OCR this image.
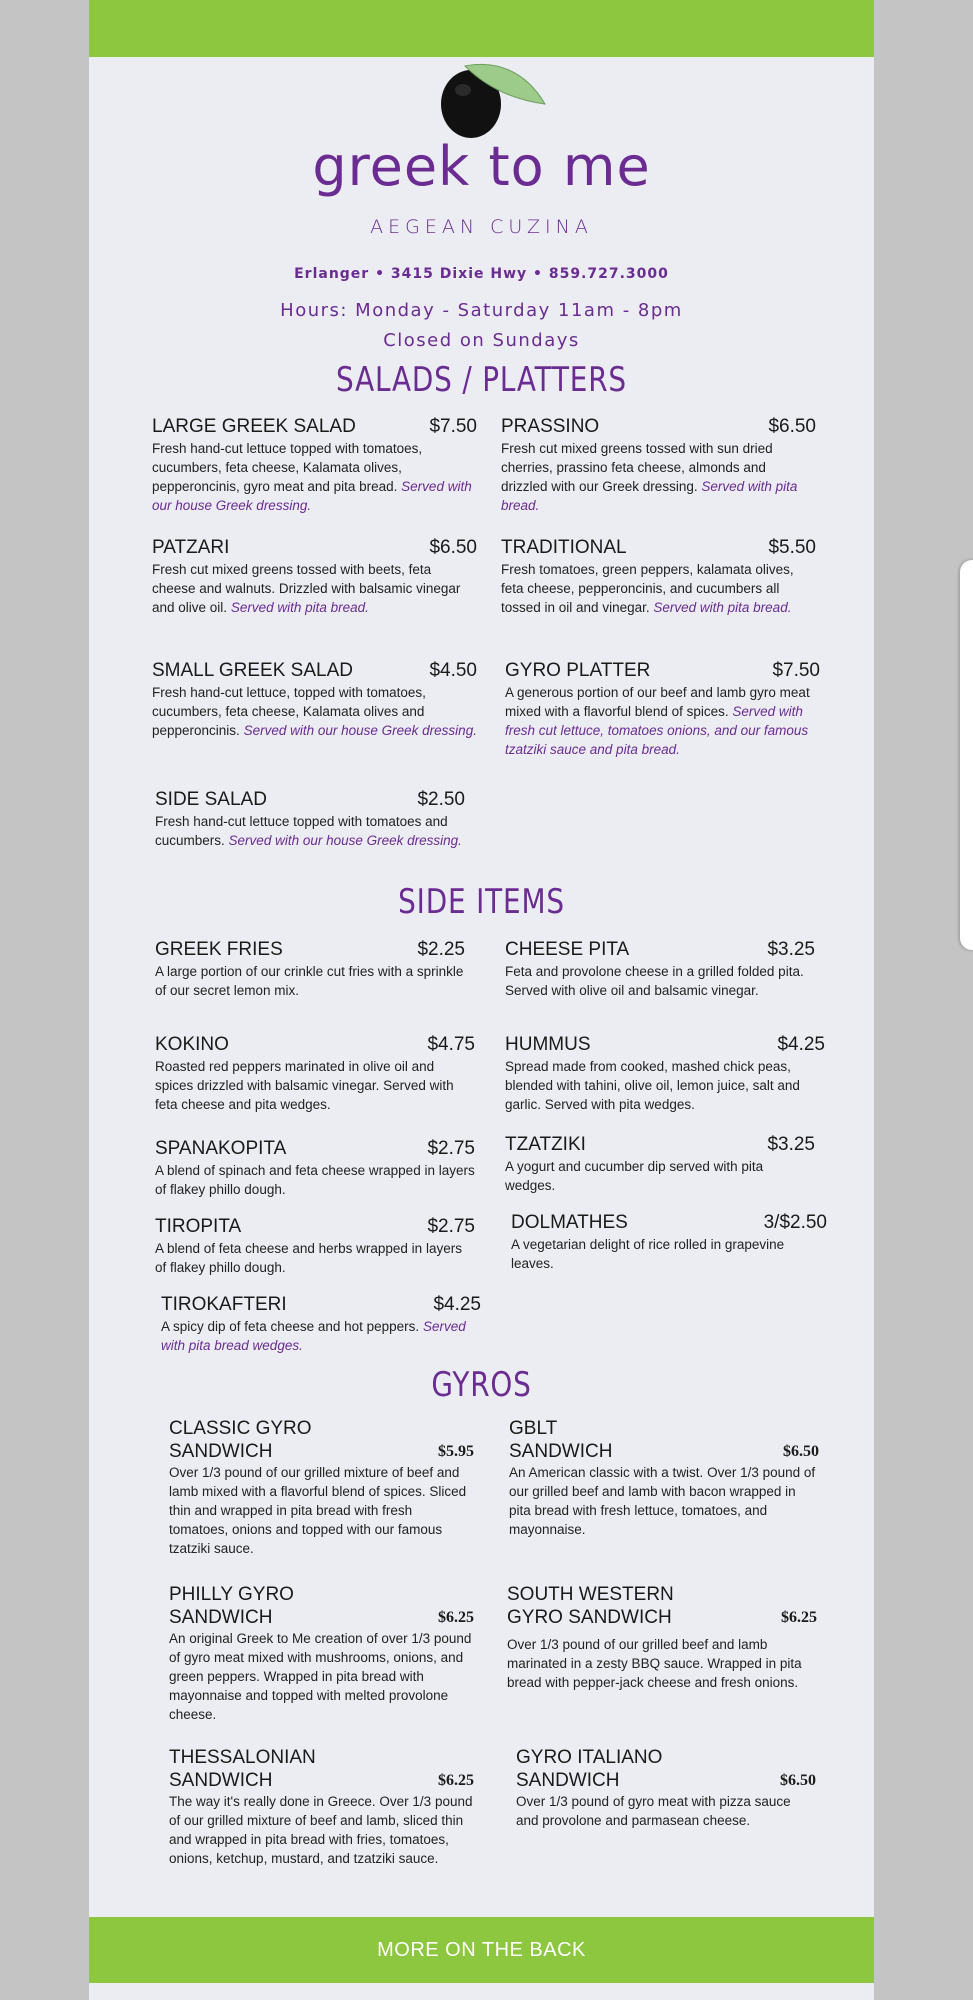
greek to me
AEGEAN CUZINA
Erlanger • 3415 Dixie Hwy • 859.727.3000
Hours: Monday - Saturday 11am - 8pm
Closed on Sundays
SALADS / PLATTERS
LARGE GREEK SALAD	$7.50
Fresh hand-cut lettuce topped with tomatoes, cucumbers, feta cheese, Kalamata olives, pepperoncinis, gyro meat and pita bread. Served with our house Greek dressing.
PRASSINO	$6.50
Fresh cut mixed greens tossed with sun dried cherries, prassino feta cheese, almonds and drizzled with our Greek dressing. Served with pita bread.
PATZARI	$6.50
Fresh cut mixed greens tossed with beets, feta cheese and walnuts. Drizzled with balsamic vinegar and olive oil. Served with pita bread.
TRADITIONAL	$5.50
Fresh tomatoes, green peppers, kalamata olives, feta cheese, pepperoncinis, and cucumbers all tossed in oil and vinegar. Served with pita bread.
SMALL GREEK SALAD	$4.50
Fresh hand-cut lettuce, topped with tomatoes, cucumbers, feta cheese, Kalamata olives and pepperoncinis. Served with our house Greek dressing.
GYRO PLATTER	$7.50
A generous portion of our beef and lamb gyro meat mixed with a flavorful blend of spices. Served with fresh cut lettuce, tomatoes onions, and our famous tzatziki sauce and pita bread.
SIDE SALAD	$2.50
Fresh hand-cut lettuce topped with tomatoes and cucumbers. Served with our house Greek dressing.
SIDE ITEMS
GREEK FRIES	$2.25
A large portion of our crinkle cut fries with a sprinkle of our secret lemon mix.
CHEESE PITA	$3.25
Feta and provolone cheese in a grilled folded pita. Served with olive oil and balsamic vinegar.
KOKINO	$4.75
Roasted red peppers marinated in olive oil and spices drizzled with balsamic vinegar. Served with feta cheese and pita wedges.
HUMMUS	$4.25
Spread made from cooked, mashed chick peas, blended with tahini, olive oil, lemon juice, salt and garlic. Served with pita wedges.
SPANAKOPITA	$2.75
A blend of spinach and feta cheese wrapped in layers of flakey phillo dough.
TZATZIKI	$3.25
A yogurt and cucumber dip served with pita wedges.
TIROPITA	$2.75
A blend of feta cheese and herbs wrapped in layers of flakey phillo dough.
DOLMATHES	3/$2.50
A vegetarian delight of rice rolled in grapevine leaves.
TIROKAFTERI	$4.25
A spicy dip of feta cheese and hot peppers. Served with pita bread wedges.
GYROS
CLASSIC GYRO
SANDWICH	$5.95
Over 1/3 pound of our grilled mixture of beef and lamb mixed with a flavorful blend of spices. Sliced thin and wrapped in pita bread with fresh tomatoes, onions and topped with our famous tzatziki sauce.
GBLT
SANDWICH	$6.50
An American classic with a twist. Over 1/3 pound of our grilled beef and lamb with bacon wrapped in pita bread with fresh lettuce, tomatoes, and mayonnaise.
PHILLY GYRO
SANDWICH	$6.25
An original Greek to Me creation of over 1/3 pound of gyro meat mixed with mushrooms, onions, and green peppers. Wrapped in pita bread with mayonnaise and topped with melted provolone cheese.
SOUTH WESTERN
GYRO SANDWICH	$6.25
Over 1/3 pound of our grilled beef and lamb marinated in a zesty BBQ sauce. Wrapped in pita bread with pepper-jack cheese and fresh onions.
THESSALONIAN
SANDWICH	$6.25
The way it's really done in Greece. Over 1/3 pound of our grilled mixture of beef and lamb, sliced thin and wrapped in pita bread with fries, tomatoes, onions, ketchup, mustard, and tzatziki sauce.
GYRO ITALIANO
SANDWICH	$6.50
Over 1/3 pound of gyro meat with pizza sauce and provolone and parmasean cheese.
MORE ON THE BACK
